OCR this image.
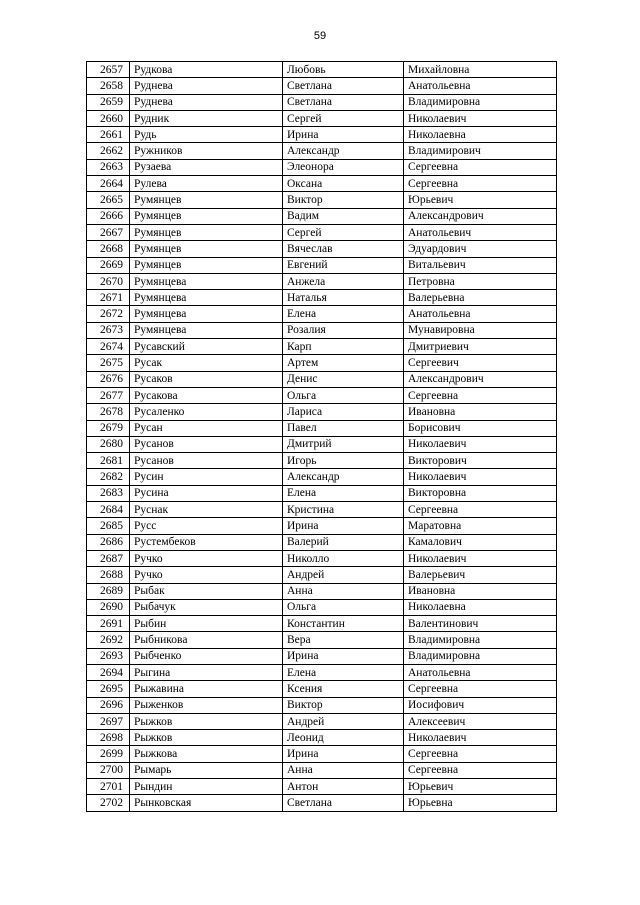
59
2657	Рудкова	Любовь	Михайловна
2658	Руднева	Светлана	Анатольевна
2659	Руднева	Светлана	Владимировна
2660	Рудник	Сергей	Николаевич
2661	Рудь	Ирина	Николаевна
2662	Ружников	Александр	Владимирович
2663	Рузаева	Элеонора	Сергеевна
2664	Рулева	Оксана	Сергеевна
2665	Румянцев	Виктор	Юрьевич
2666	Румянцев	Вадим	Александрович
2667	Румянцев	Сергей	Анатольевич
2668	Румянцев	Вячеслав	Эдуардович
2669	Румянцев	Евгений	Витальевич
2670	Румянцева	Анжела	Петровна
2671	Румянцева	Наталья	Валерьевна
2672	Румянцева	Елена	Анатольевна
2673	Румянцева	Розалия	Мунавировна
2674	Русавский	Карп	Дмитриевич
2675	Русак	Артем	Сергеевич
2676	Русаков	Денис	Александрович
2677	Русакова	Ольга	Сергеевна
2678	Русаленко	Лариса	Ивановна
2679	Русан	Павел	Борисович
2680	Русанов	Дмитрий	Николаевич
2681	Русанов	Игорь	Викторович
2682	Русин	Александр	Николаевич
2683	Русина	Елена	Викторовна
2684	Руснак	Кристина	Сергеевна
2685	Русс	Ирина	Маратовна
2686	Рустембеков	Валерий	Камалович
2687	Ручко	Николло	Николаевич
2688	Ручко	Андрей	Валерьевич
2689	Рыбак	Анна	Ивановна
2690	Рыбачук	Ольга	Николаевна
2691	Рыбин	Константин	Валентинович
2692	Рыбникова	Вера	Владимировна
2693	Рыбченко	Ирина	Владимировна
2694	Рыгина	Елена	Анатольевна
2695	Рыжавина	Ксения	Сергеевна
2696	Рыженков	Виктор	Иосифович
2697	Рыжков	Андрей	Алексеевич
2698	Рыжков	Леонид	Николаевич
2699	Рыжкова	Ирина	Сергеевна
2700	Рымарь	Анна	Сергеевна
2701	Рындин	Антон	Юрьевич
2702	Рынковская	Светлана	Юрьевна
